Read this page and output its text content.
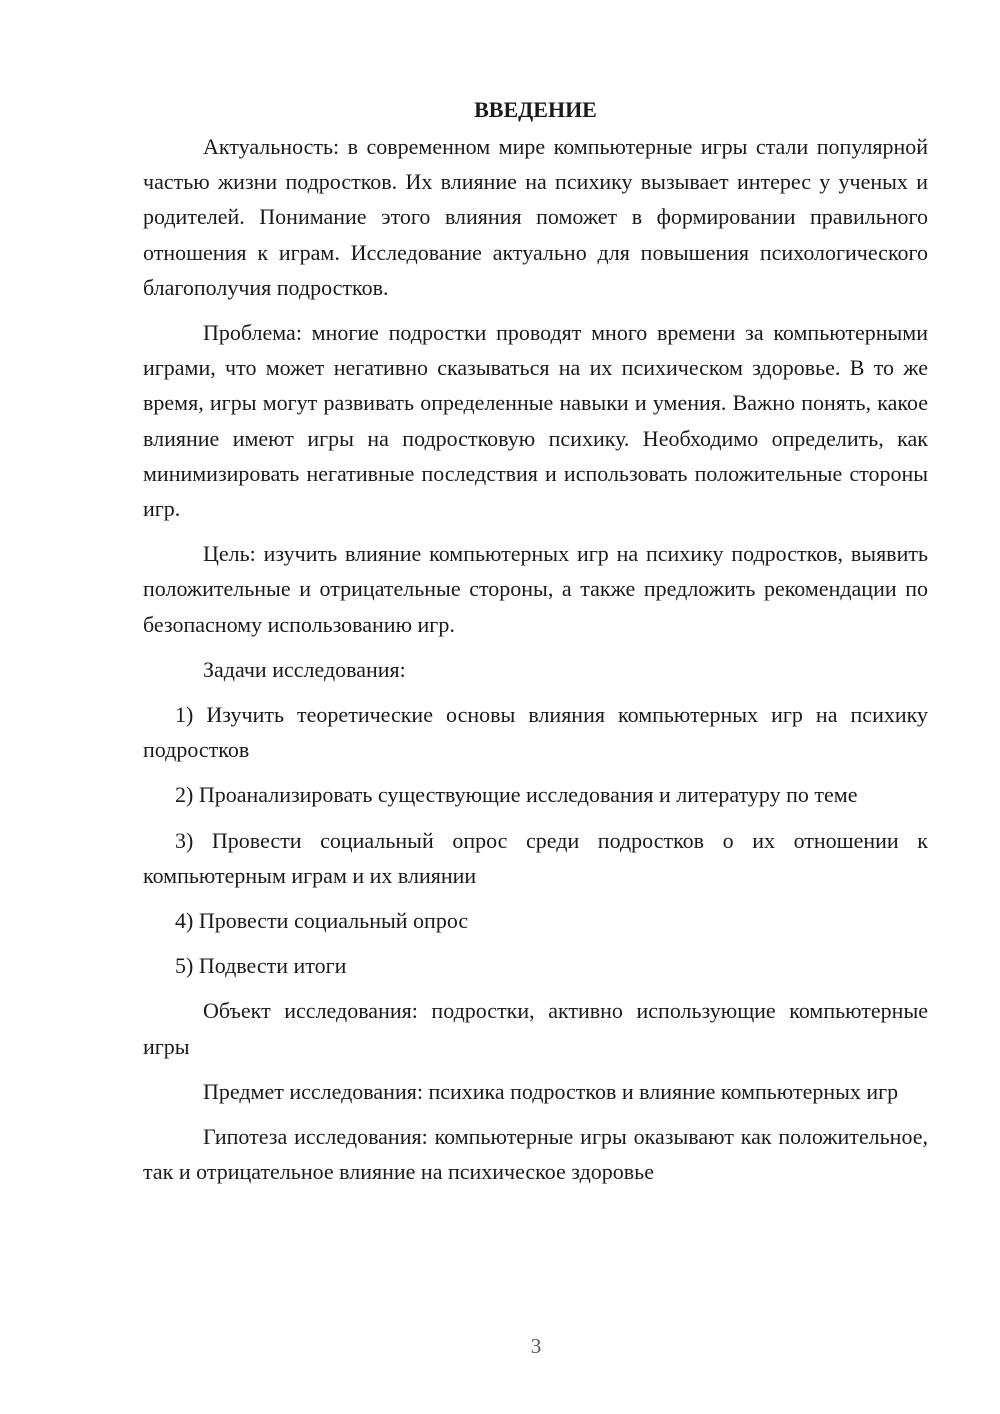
ВВЕДЕНИЕ

Актуальность: в современном мире компьютерные игры стали популярной частью жизни подростков. Их влияние на психику вызывает интерес у ученых и родителей. Понимание этого влияния поможет в формировании правильного отношения к играм. Исследование актуально для повышения психологического благополучия подростков.

Проблема: многие подростки проводят много времени за компьютерными играми, что может негативно сказываться на их психическом здоровье. В то же время, игры могут развивать определенные навыки и умения. Важно понять, какое влияние имеют игры на подростковую психику. Необходимо определить, как минимизировать негативные последствия и использовать положительные стороны игр.

Цель: изучить влияние компьютерных игр на психику подростков, выявить положительные и отрицательные стороны, а также предложить рекомендации по безопасному использованию игр.

Задачи исследования:

1) Изучить теоретические основы влияния компьютерных игр на психику подростков

2) Проанализировать существующие исследования и литературу по теме

3) Провести социальный опрос среди подростков о их отношении к компьютерным играм и их влиянии

4) Провести социальный опрос

5) Подвести итоги

Объект исследования: подростки, активно использующие компьютерные игры

Предмет исследования: психика подростков и влияние компьютерных игр

Гипотеза исследования: компьютерные игры оказывают как положительное, так и отрицательное влияние на психическое здоровье

3
